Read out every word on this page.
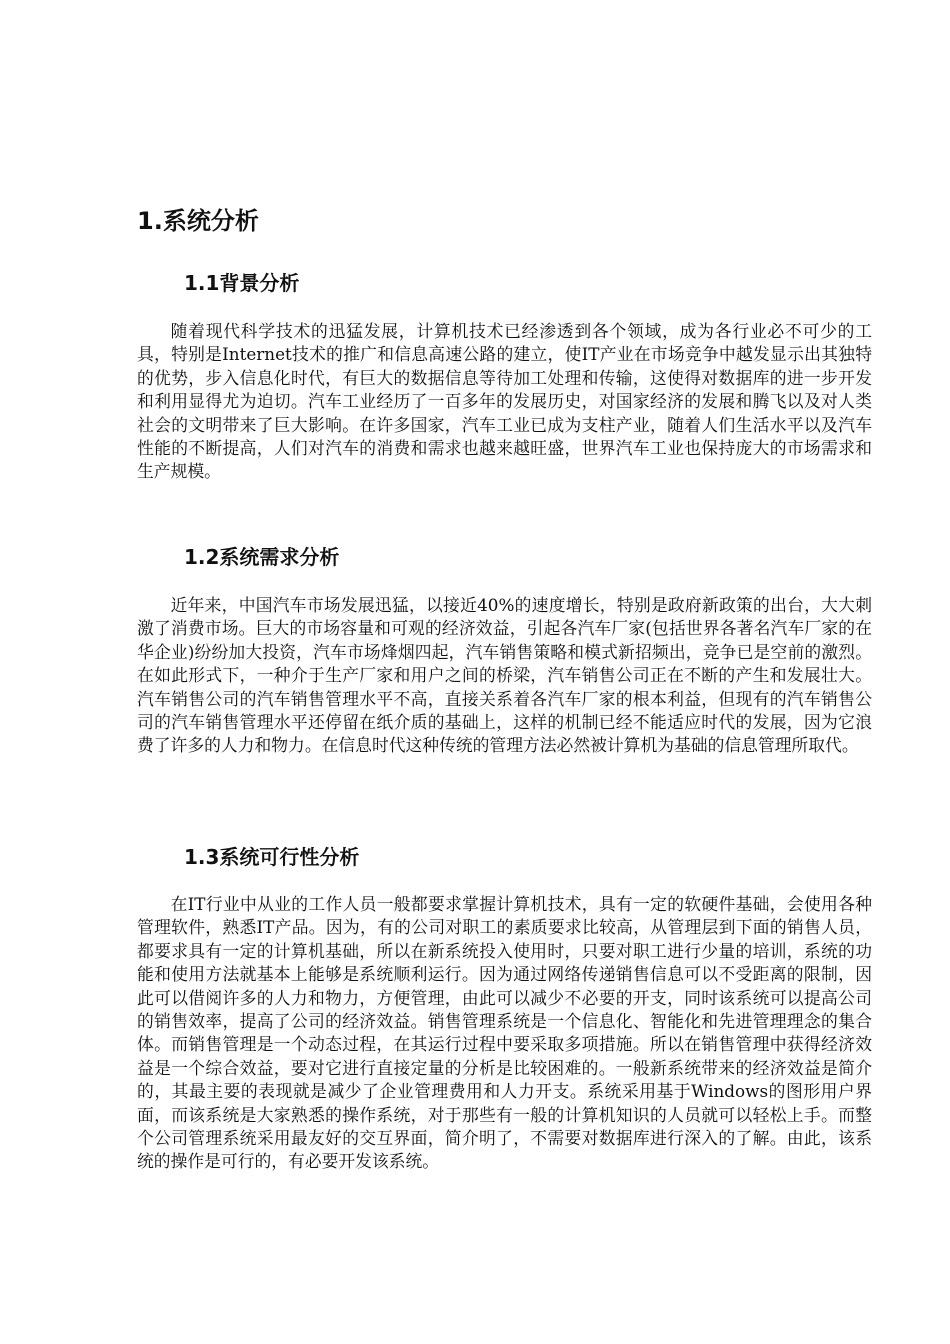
1.系统分析
1.1背景分析

随着现代科学技术的迅猛发展，计算机技术已经渗透到各个领域，成为各行业必不可少的工具，特别是Internet技术的推广和信息高速公路的建立，使IT产业在市场竞争中越发显示出其独特的优势，步入信息化时代，有巨大的数据信息等待加工处理和传输，这使得对数据库的进一步开发和利用显得尤为迫切。汽车工业经历了一百多年的发展历史，对国家经济的发展和腾飞以及对人类社会的文明带来了巨大影响。在许多国家，汽车工业已成为支柱产业，随着人们生活水平以及汽车性能的不断提高，人们对汽车的消费和需求也越来越旺盛，世界汽车工业也保持庞大的市场需求和生产规模。

1.2系统需求分析

近年来，中国汽车市场发展迅猛，以接近40%的速度增长，特别是政府新政策的出台，大大刺激了消费市场。巨大的市场容量和可观的经济效益，引起各汽车厂家(包括世界各著名汽车厂家的在华企业)纷纷加大投资，汽车市场烽烟四起，汽车销售策略和模式新招频出，竞争已是空前的激烈。在如此形式下，一种介于生产厂家和用户之间的桥梁，汽车销售公司正在不断的产生和发展壮大。汽车销售公司的汽车销售管理水平不高，直接关系着各汽车厂家的根本利益，但现有的汽车销售公司的汽车销售管理水平还停留在纸介质的基础上，这样的机制已经不能适应时代的发展，因为它浪费了许多的人力和物力。在信息时代这种传统的管理方法必然被计算机为基础的信息管理所取代。

1.3系统可行性分析

在IT行业中从业的工作人员一般都要求掌握计算机技术，具有一定的软硬件基础，会使用各种管理软件，熟悉IT产品。因为，有的公司对职工的素质要求比较高，从管理层到下面的销售人员，都要求具有一定的计算机基础，所以在新系统投入使用时，只要对职工进行少量的培训，系统的功能和使用方法就基本上能够是系统顺利运行。因为通过网络传递销售信息可以不受距离的限制，因此可以借阅许多的人力和物力，方便管理，由此可以减少不必要的开支，同时该系统可以提高公司的销售效率，提高了公司的经济效益。销售管理系统是一个信息化、智能化和先进管理理念的集合体。而销售管理是一个动态过程，在其运行过程中要采取多项措施。所以在销售管理中获得经济效益是一个综合效益，要对它进行直接定量的分析是比较困难的。一般新系统带来的经济效益是简介的，其最主要的表现就是减少了企业管理费用和人力开支。系统采用基于Windows的图形用户界面，而该系统是大家熟悉的操作系统，对于那些有一般的计算机知识的人员就可以轻松上手。而整个公司管理系统采用最友好的交互界面，简介明了，不需要对数据库进行深入的了解。由此，该系统的操作是可行的，有必要开发该系统。
